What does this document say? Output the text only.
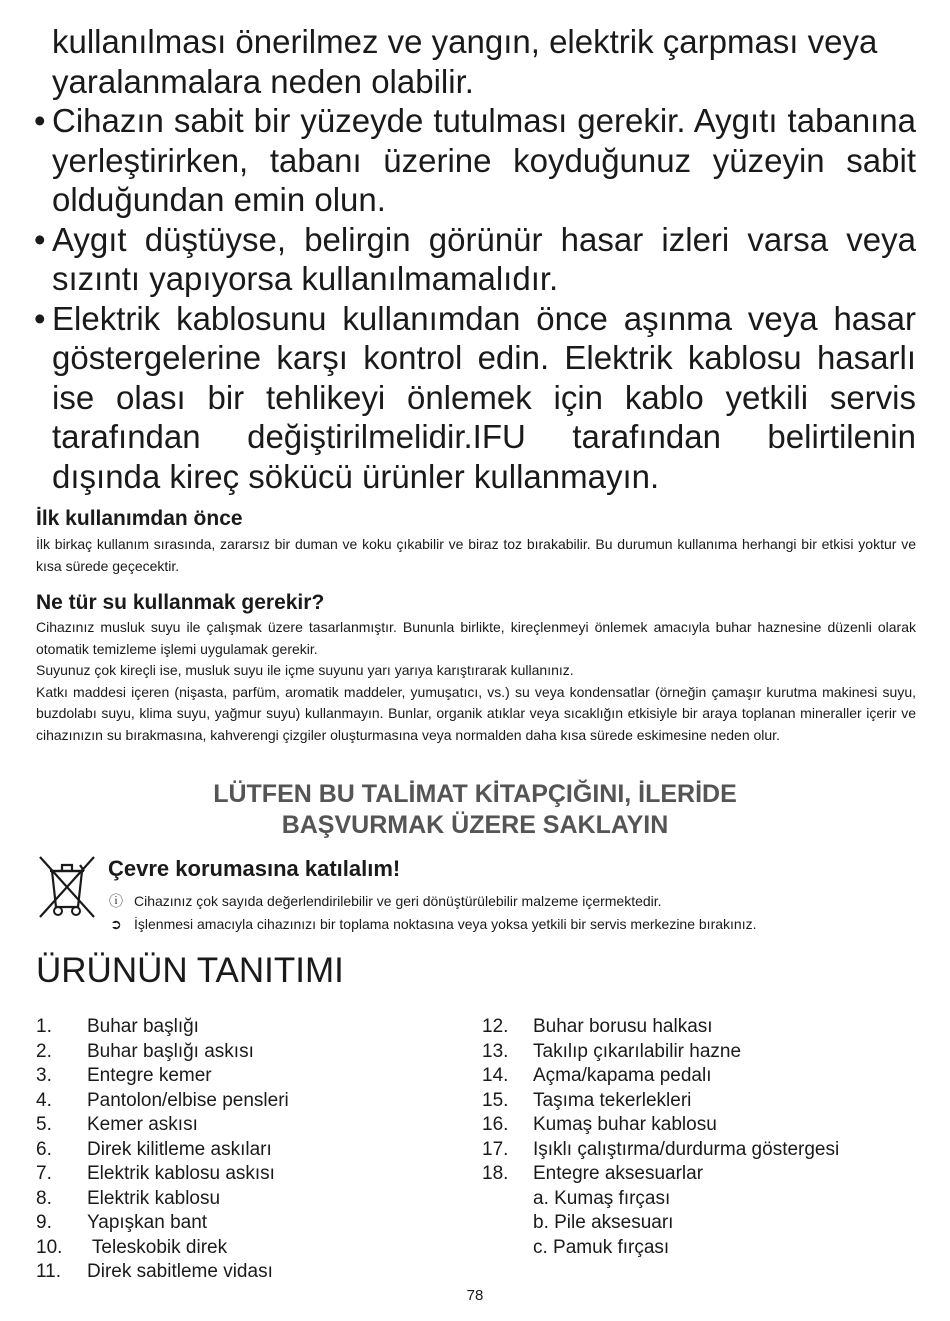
kullanılması önerilmez ve yangın, elektrik çarpması veya

yaralanmalara neden olabilir.

• Cihazın sabit bir yüzeyde tutulması gerekir. Aygıtı tabanına yerleştirirken, tabanı üzerine koyduğunuz yüzeyin sabit olduğundan emin olun.

• Aygıt düştüyse, belirgin görünür hasar izleri varsa veya sızıntı yapıyorsa kullanılmamalıdır.

• Elektrik kablosunu kullanımdan önce aşınma veya hasar göstergelerine karşı kontrol edin. Elektrik kablosu hasarlı ise olası bir tehlikeyi önlemek için kablo yetkili servis tarafından değiştirilmelidir.IFU tarafından belirtilenin dışında kireç sökücü ürünler kullanmayın.

İlk kullanımdan önce

İlk birkaç kullanım sırasında, zararsız bir duman ve koku çıkabilir ve biraz toz bırakabilir. Bu durumun kullanıma herhangi bir etkisi yoktur ve kısa sürede geçecektir.

Ne tür su kullanmak gerekir?

Cihazınız musluk suyu ile çalışmak üzere tasarlanmıştır. Bununla birlikte, kireçlenmeyi önlemek amacıyla buhar haznesine düzenli olarak otomatik temizleme işlemi uygulamak gerekir.

Suyunuz çok kireçli ise, musluk suyu ile içme suyunu yarı yarıya karıştırarak kullanınız.

Katkı maddesi içeren (nişasta, parfüm, aromatik maddeler, yumuşatıcı, vs.) su veya kondensatlar (örneğin çamaşır kurutma makinesi suyu, buzdolabı suyu, klima suyu, yağmur suyu) kullanmayın. Bunlar, organik atıklar veya sıcaklığın etkisiyle bir araya toplanan mineraller içerir ve cihazınızın su bırakmasına, kahverengi çizgiler oluşturmasına veya normalden daha kısa sürede eskimesine neden olur.

LÜTFEN BU TALİMAT KİTAPÇIĞINI, İLERİDE
BAŞVURMAK ÜZERE SAKLAYIN
Çevre korumasına katılalım!
ⓘ Cihazınız çok sayıda değerlendirilebilir ve geri dönüştürülebilir malzeme içermektedir.
➲ İşlenmesi amacıyla cihazınızı bir toplama noktasına veya yoksa yetkili bir servis merkezine bırakınız.
ÜRÜNÜN TANITIMI
1. Buhar başlığı
2. Buhar başlığı askısı
3. Entegre kemer
4. Pantolon/elbise pensleri
5. Kemer askısı
6. Direk kilitleme askıları
7. Elektrik kablosu askısı
8. Elektrik kablosu
9. Yapışkan bant
10. Teleskobik direk
11. Direk sabitleme vidası
12. Buhar borusu halkası
13. Takılıp çıkarılabilir hazne
14. Açma/kapama pedalı
15. Taşıma tekerlekleri
16. Kumaş buhar kablosu
17. Işıklı çalıştırma/durdurma göstergesi
18. Entegre aksesuarlar
a. Kumaş fırçası
b. Pile aksesuarı
c. Pamuk fırçası
78
